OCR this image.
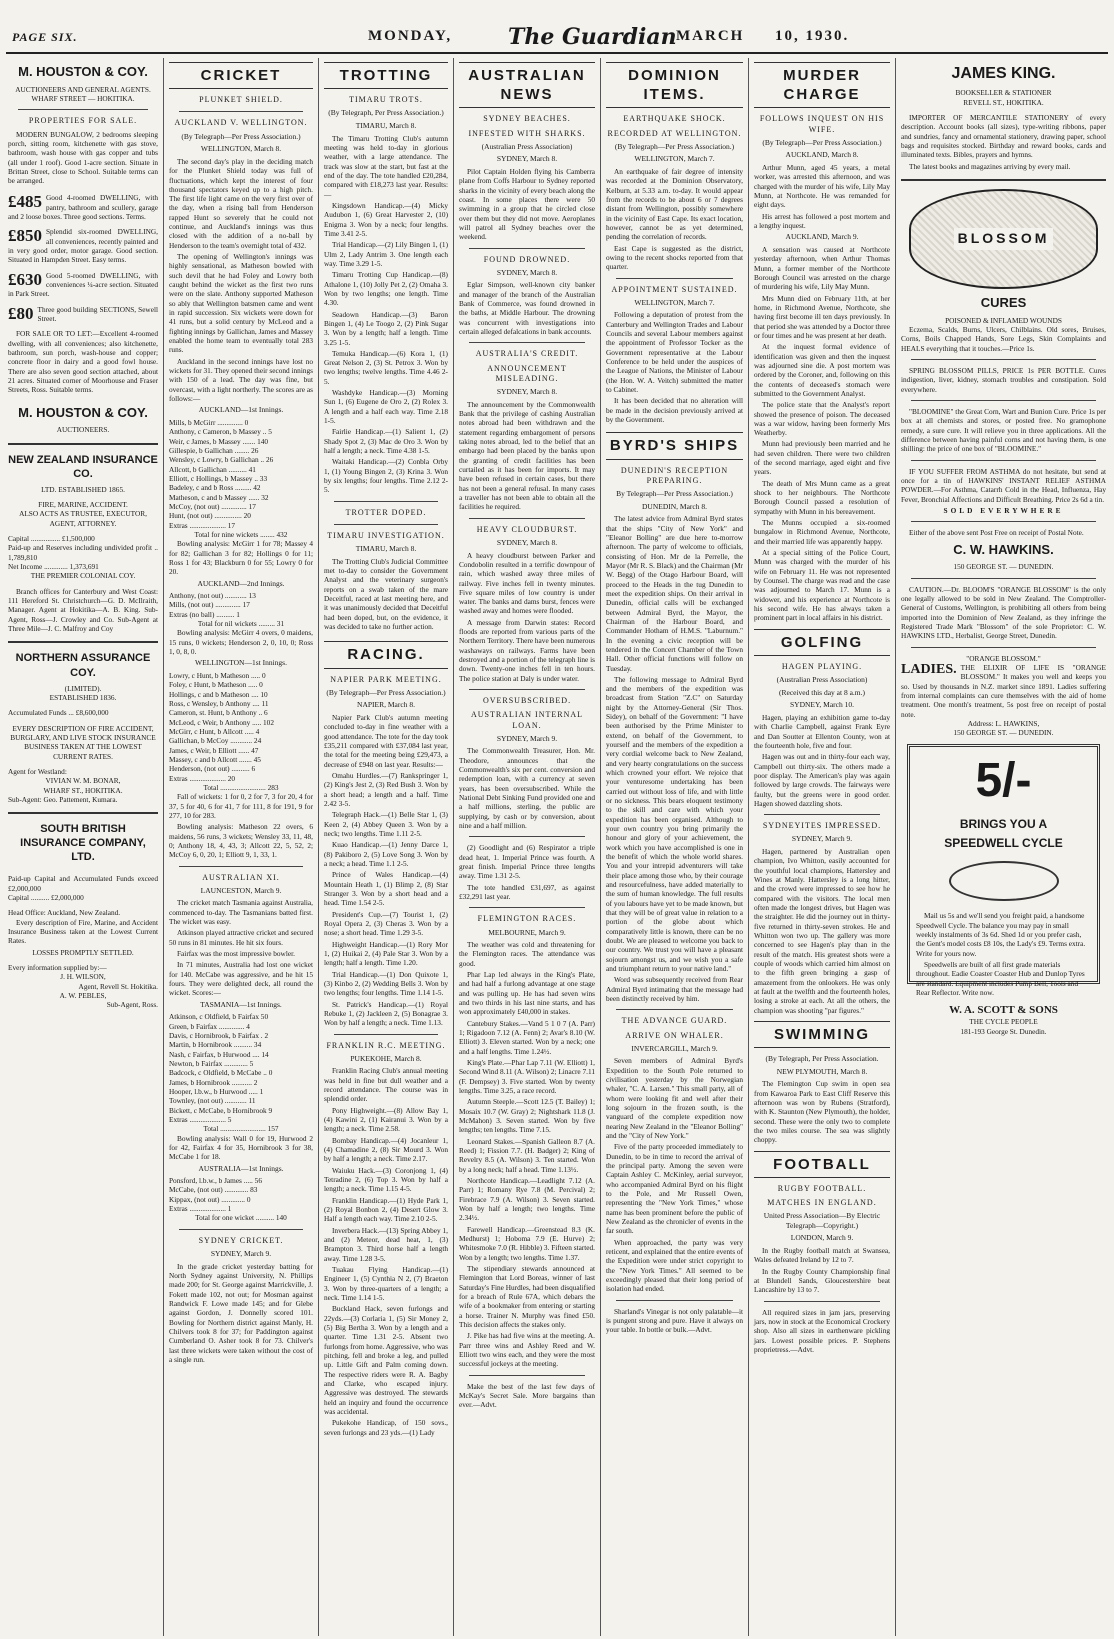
PAGE SIX.	MONDAY,	The Guardian MARCH 10, 1930.
M. HOUSTON & COY.
AUCTIONEERS AND GENERAL AGENTS.
WHARF STREET — HOKITIKA.
PROPERTIES FOR SALE.

MODERN BUNGALOW, 2 bedrooms sleeping porch, sitting room, kitchenette with gas stove, bathroom, wash house with gas copper and tubs (all under 1 roof). Good 1-acre section. Situate in Brittan Street, close to School. Suitable terms can be arranged.

£485 Good 4-roomed DWELLING, with pantry, bathroom and scullery, garage and 2 loose boxes. Three good sections. Terms.
£850 Splendid six-roomed DWELLING, all conveniences, recently painted and in very good order, motor garage. Good section. Situated in Hampden Street. Easy terms.
£630 Good 5-roomed DWELLING, with conveniences ¼-acre section. Situated in Park Street.
£80 Three good building SECTIONS, Sewell Street.

FOR SALE OR TO LET:—Excellent 4-roomed dwelling, with all conveniences; also kitchenette, bathroom, sun porch, wash-house and copper; concrete floor in dairy and a good fowl house. There are also seven good section attached, about 21 acres. Situated corner of Moorhouse and Fraser Streets, Ross. Suitable terms.

M. HOUSTON & COY.
AUCTIONEERS.
NEW ZEALAND INSURANCE CO.
LTD. ESTABLISHED 1865.
FIRE, MARINE, ACCIDENT.
ALSO ACTS AS TRUSTEE, EXECUTOR, AGENT, ATTORNEY.
Capital ................ £1,500,000
Paid-up and Reserves including undivided profit .. 1,789,810
Net Income ............. 1,373,691
THE PREMIER COLONIAL COY.

Branch offices for Canterbury and West Coast: 111 Hereford St. Christchurch—G. D. McIlraith, Manager. Agent at Hokitika—A. B. King. Sub-Agent, Ross—J. Crowley and Co. Sub-Agent at Three Mile—J. C. Malfroy and Coy

NORTHERN ASSURANCE COY.
(LIMITED).
ESTABLISHED 1836.
Accumulated Funds ... £8,600,000
EVERY DESCRIPTION OF FIRE ACCIDENT, BURGLARY, AND LIVE STOCK INSURANCE BUSINESS TAKEN AT THE LOWEST CURRENT RATES.
Agent for Westland:
VIVIAN W. M. BONAR,
WHARF ST., HOKITIKA.
Sub-Agent: Geo. Pattement, Kumara.
SOUTH BRITISH INSURANCE COMPANY, LTD.
Paid-up Capital and Accumulated Funds exceed £2,000,000
Capital .......... £2,000,000
Head Office: Auckland, New Zealand.

Every description of Fire, Marine, and Accident Insurance Business taken at the Lowest Current Rates.

LOSSES PROMPTLY SETTLED.
Every information supplied by:—
J. H. WILSON,
Agent, Revell St. Hokitika.
A. W. PEBLES,
Sub-Agent, Ross.
CRICKET
PLUNKET SHIELD.
AUCKLAND V. WELLINGTON.
(By Telegraph—Per Press Association.)
WELLINGTON, March 8.

The second day's play in the deciding match for the Plunket Shield today was full of fluctuations, which kept the interest of four thousand spectators keyed up to a high pitch. The first life light came on the very first over of the day, when a rising ball from Henderson rapped Hunt so severely that he could not continue, and Auckland's innings was thus closed with the addition of a no-ball by Henderson to the team's overnight total of 432.

The opening of Wellington's innings was highly sensational, as Matheson bowled with such devil that he had Foley and Lowry both caught behind the wicket as the first two runs were on the slate. Anthony supported Matheson so ably that Wellington batsmen came and went in rapid succession. Six wickets were down for 41 runs, but a solid century by McLeod and a fighting innings by Gallichan, James and Massey enabled the home team to eventually total 283 runs.

Auckland in the second innings have lost no wickets for 31. They opened their second innings with 150 of a lead. The day was fine, but overcast, with a light northerly. The scores are as follows:—

AUCKLAND—1st Innings.
Mills, b McGirr .............. 0
Anthony, c Cameron, b Massey .. 5
Weir, c James, b Massey ....... 140
Gillespie, b Gallichan ........ 26
Wensley, c Lowry, b Gallichan .. 26
Allcott, b Gallichan .......... 41
Elliott, c Hollings, b Massey .. 33
Badeley, c and b Ross ......... 42
Matheson, c and b Massey ...... 32
McCoy, (not out) .............. 17
Hunt, (not out) ............... 20
Extras .................... 17
Total for nine wickets ........ 432

Bowling analysis: McGirr 1 for 78; Massey 4 for 82; Gallichan 3 for 82; Hollings 0 for 11; Ross 1 for 43; Blackburn 0 for 55; Lowry 0 for 20.

AUCKLAND—2nd Innings.
Anthony, (not out) ............ 13
Mills, (not out) .............. 17
Extras (no ball) .......... 1
Total for nil wickets ......... 31

Bowling analysis: McGirr 4 overs, 0 maidens, 15 runs, 0 wickets; Henderson 2, 0, 10, 0; Ross 1, 0, 8, 0.

WELLINGTON—1st Innings.
Lowry, c Hunt, b Matheson ..... 0
Foley, c Hunt, b Matheson ..... 0
Hollings, c and b Matheson .... 10
Ross, c Wensley, b Anthony .... 11
Cameron, st. Hunt, b Anthony .. 6
McLeod, c Weir, b Anthony ..... 102
McGirr, c Hunt, b Allcott ..... 4
Gallichan, b McCoy ............ 24
James, c Weir, b Elliott ...... 47
Massey, c and b Allcott ....... 45
Henderson, (not out) .......... 6
Extras .................... 20
Total ......................... 283

Fall of wickets: 1 for 0, 2 for 7, 3 for 20, 4 for 37, 5 for 40, 6 for 41, 7 for 111, 8 for 191, 9 for 277, 10 for 283.

Bowling analysis: Matheson 22 overs, 6 maidens, 56 runs, 3 wickets; Wensley 33, 11, 48, 0; Anthony 18, 4, 43, 3; Allcott 22, 5, 52, 2; McCoy 6, 0, 20, 1; Elliott 9, 1, 33, 1.

AUSTRALIAN XI.
LAUNCESTON, March 9.

The cricket match Tasmania against Australia, commenced to-day. The Tasmanians batted first. The wicket was easy.

Atkinson played attractive cricket and secured 50 runs in 81 minutes. He hit six fours.

Fairfax was the most impressive bowler.

In 71 minutes, Australia had lost one wicket for 140. McCabe was aggressive, and he hit 15 fours. They were delighted deck, all round the wicket. Scores:—

TASMANIA—1st Innings.
Atkinson, c Oldfield, b Fairfax 50
Green, b Fairfax .............. 4
Davis, c Hornibrook, b Fairfax . 2
Martin, b Hornibrook .......... 34
Nash, c Fairfax, b Hurwood .... 14
Newton, b Fairfax ............. 5
Badcock, c Oldfield, b McCabe .. 0
James, b Hornibrook ........... 2
Hooper, l.b.w., b Hurwood ..... 1
Townley, (not out) ............ 11
Bickett, c McCabe, b Hornibrook 9
Extras .................... 5
Total ......................... 157

Bowling analysis: Wall 0 for 19, Hurwood 2 for 42, Fairfax 4 for 35, Hornibrook 3 for 38, McCabe 1 for 18.

AUSTRALIA—1st Innings.
Ponsford, l.b.w., b James ..... 56
McCabe, (not out) ............. 83
Kippax, (not out) ............. 0
Extras .................... 1
Total for one wicket .......... 140
SYDNEY CRICKET.
SYDNEY, March 9.

In the grade cricket yesterday batting for North Sydney against University, N. Phillips made 200; for St. George against Marrickville, J. Fokett made 102, not out; for Mosman against Randwick F. Lowe made 145; and for Glebe against Gordon, J. Donnelly scored 101. Bowling for Northern district against Manly, H. Chilvers took 8 for 37; for Paddington against Cumberland O. Asher took 8 for 73. Chilver's last three wickets were taken without the cost of a single run.

TROTTING
TIMARU TROTS.
(By Telegraph, Per Press Association.)
TIMARU, March 8.

The Timaru Trotting Club's autumn meeting was held to-day in glorious weather, with a large attendance. The track was slow at the start, but fast at the end of the day. The tote handled £20,284, compared with £18,273 last year. Results:—

Kingsdown Handicap.—(4) Micky Audubon 1, (6) Great Harvester 2, (10) Enigma 3. Won by a neck; four lengths. Time 3.41 2-5.

Trial Handicap.—(2) Lily Bingen 1, (1) Ulm 2, Lady Antrim 3. One length each way. Time 3.29 1-5.

Timaru Trotting Cup Handicap.—(8) Athalone 1, (10) Jolly Pet 2, (2) Omaha 3. Won by two lengths; one length. Time 4.30.

Seadown Handicap.—(3) Baron Bingen 1, (4) Le Toogo 2, (2) Pink Sugar 3. Won by a length; half a length. Time 3.25 1-5.

Temuka Handicap.—(6) Kora 1, (1) Great Nelson 2, (3) St. Petrox 3. Won by two lengths; twelve lengths. Time 4.46 2-5.

Washdyke Handicap.—(3) Morning Sun 1, (6) Eugene de Oro 2, (2) Rolex 3. A length and a half each way. Time 2.18 1-5.

Fairlie Handicap.—(1) Salient 1, (2) Shady Spot 2, (3) Mac de Oro 3. Won by half a length; a neck. Time 4.38 1-5.

Waitaki Handicap.—(2) Conbla Orby 1, (1) Young Bingen 2, (3) Krina 3. Won by six lengths; four lengths. Time 2.12 2-5.

TROTTER DOPED.
TIMARU INVESTIGATION.
TIMARU, March 8.

The Trotting Club's Judicial Committee met to-day to consider the Government Analyst and the veterinary surgeon's reports on a swab taken of the mare Deceitful, raced at last meeting here, and it was unanimously decided that Deceitful had been doped, but, on the evidence, it was decided to take no further action.

RACING.
NAPIER PARK MEETING.
(By Telegraph—Per Press Association.)
NAPIER, March 8.

Napier Park Club's autumn meeting concluded to-day in fine weather with a good attendance. The tote for the day took £35,211 compared with £37,084 last year, the total for the meeting being £29,473, a decrease of £948 on last year. Results:—

Omahu Hurdles.—(7) Rankspringer 1, (2) King's Jest 2, (3) Red Bush 3. Won by a short head; a length and a half. Time 2.42 3-5.

Telegraph Hack.—(1) Belle Star 1, (3) Keen 2, (4) Abbey Queen 3. Won by a neck; two lengths. Time 1.11 2-5.

Kuao Handicap.—(1) Jenny Darce 1, (8) Pakiboro 2, (5) Love Song 3. Won by a neck; a head. Time 1.1 2-5.

Prince of Wales Handicap.—(4) Mountain Heath 1, (1) Blimp 2, (8) Star Stranger 3. Won by a short head and a head. Time 1.54 2-5.

President's Cup.—(7) Tourist 1, (2) Royal Opera 2, (3) Cheras 3. Won by a nose; a short head. Time 1.29 3-5.

Highweight Handicap.—(1) Rory Mor 1, (2) Huikai 2, (4) Pale Star 3. Won by a length; half a length. Time 1.20.

Trial Handicap.—(1) Don Quixote 1, (3) Kinbo 2, (2) Wedding Bells 3. Won by two lengths; four lengths. Time 1.14 1-5.

St. Patrick's Handicap.—(1) Royal Rebuke 1, (2) Jackleen 2, (5) Bonagrae 3. Won by half a length; a neck. Time 1.13.

FRANKLIN R.C. MEETING.
PUKEKOHE, March 8.

Franklin Racing Club's annual meeting was held in fine but dull weather and a record attendance. The course was in splendid order.

Pony Highweight.—(8) Allow Bay 1, (4) Kawini 2, (1) Kairanui 3. Won by a length; a neck. Time 2.58.

Bombay Handicap.—(4) Jocanleur 1, (4) Chamadine 2, (8) Sir Mourd 3. Won by half a length; a neck. Time 2.17.

Waiuku Hack.—(3) Coronjong 1, (4) Tetradine 2, (6) Top 3. Won by half a length; a neck. Time 1.15 4-5.

Franklin Handicap.—(1) Hyde Park 1, (2) Royal Bonbon 2, (4) Desert Glow 3. Half a length each way. Time 2.10 2-5.

Inverbera Hack.—(13) Spring Abbey 1, and (2) Meteor, dead heat, 1, (3) Brampton 3. Third horse half a length away. Time 1.28 3-5.

Tuakau Flying Handicap.—(1) Engineer 1, (5) Cynthia N 2, (7) Braeton 3. Won by three-quarters of a length; a neck. Time 1.14 1-5.

Buckland Hack, seven furlongs and 22yds.—(3) Corlaria 1, (5) Sir Money 2, (5) Big Bertha 3. Won by a length and a quarter. Time 1.31 2-5. Absent two furlongs from home. Aggressive, who was pitching, fell and broke a leg, and pulled up. Little Gift and Palm coming down. The respective riders were R. A. Bagby and Clarke, who escaped injury. Aggressive was destroyed. The stewards held an inquiry and found the occurrence was accidental.

Pukekohe Handicap, of 150 sovs., seven furlongs and 23 yds.—(1) Lady

AUSTRALIAN NEWS
SYDNEY BEACHES.
INFESTED WITH SHARKS.
(Australian Press Association)
SYDNEY, March 8.

Pilot Captain Holden flying his Camberra plane from Coffs Harbour to Sydney reported sharks in the vicinity of every beach along the coast. In some places there were 50 swimming in a group that he circled close over them but they did not move. Aeroplanes will patrol all Sydney beaches over the weekend.

FOUND DROWNED.
SYDNEY, March 8.

Eglar Simpson, well-known city banker and manager of the branch of the Australian Bank of Commerce, was found drowned in the baths, at Middle Harbour. The drowning was concurrent with investigations into certain alleged defalcations in bank accounts.

AUSTRALIA'S CREDIT.
ANNOUNCEMENT MISLEADING.
SYDNEY, March 8.

The announcement by the Commonwealth Bank that the privilege of cashing Australian notes abroad had been withdrawn and the statement regarding embargoment of persons taking notes abroad, led to the belief that an embargo had been placed by the banks upon the granting of credit facilities has been curtailed as it has been for imports. It may have been refused in certain cases, but there has not been a general refusal. In many cases a traveller has not been able to obtain all the facilities he required.

HEAVY CLOUDBURST.
SYDNEY, March 8.

A heavy cloudburst between Parker and Condobolin resulted in a terrific downpour of rain, which washed away three miles of railway. Five inches fell in twenty minutes. Five square miles of low country is under water. The banks and dams burst, fences were washed away and homes were flooded.

A message from Darwin states: Record floods are reported from various parts of the Northern Territory. There have been numerous washaways on railways. Farms have been destroyed and a portion of the telegraph line is down. Twenty-one inches fell in ten hours. The police station at Daly is under water.

OVERSUBSCRIBED.
AUSTRALIAN INTERNAL LOAN.
SYDNEY, March 9.

The Commonwealth Treasurer, Hon. Mr. Theodore, announces that the Commonwealth's six per cent. conversion and redemption loan, with a currency at seven years, has been oversubscribed. While the National Debt Sinking Fund provided one and a half millions, sterling, the public are supplying, by cash or by conversion, about nine and a half million.

(2) Goodlight and (6) Respirator a triple dead heat, 1. Imperial Prince was fourth. A great finish. Imperial Prince three lengths away. Time 1.31 2-5.

The tote handled £31,697, as against £32,291 last year.

FLEMINGTON RACES.
MELBOURNE, March 9.

The weather was cold and threatening for the Flemington races. The attendance was good.

Phar Lap led always in the King's Plate, and had half a furlong advantage at one stage and was pulling up. He has had seven wins and two thirds in his last nine starts, and has won approximately £40,000 in stakes.

Cantebury Stakes.—Vand 5 1 0 7 (A. Parr) 1; Rigadoon 7.12 (A. Fenn) 2; Avar's 8.10 (W. Elliott) 3. Eleven started. Won by a neck; one and a half lengths. Time 1.24½.

King's Plate.—Phar Lap 7.11 (W. Elliott) 1, Second Wind 8.11 (A. Wilson) 2; Linacre 7.11 (F. Dempsey) 3. Five started. Won by twenty lengths. Time 3.25, a race record.

Autumn Steeple.—Scott 12.5 (T. Bailey) 1; Mosaix 10.7 (W. Gray) 2; Nightshark 11.8 (J. McMahon) 3. Seven started. Won by five lengths; ten lengths. Time 7.15.

Leonard Stakes.—Spanish Galleon 8.7 (A. Reed) 1; Fission 7.7. (H. Badger) 2; King of Revelry 8.5 (A. Wilson) 3. Ten started. Won by a long neck; half a head. Time 1.13½.

Northcote Handicap.—Leadlight 7.12 (A. Parr) 1; Romany Rye 7.8 (M. Percival) 2; Firebrace 7.9 (A. Wilson) 3. Seven started. Won by half a length; two lengths. Time 2.34½.

Farewell Handicap.—Greenstead 8.3 (K. Medhurst) 1; Hoboma 7.9 (E. Hurve) 2; Whitesmoke 7.0 (R. Hibble) 3. Fifteen started. Won by a length; two lengths. Time 1.37.

The stipendiary stewards announced at Flemington that Lord Boreas, winner of last Saturday's Fine Hurdles, had been disqualified for a breach of Rule 67A, which debars the wife of a bookmaker from entering or starting a horse. Trainer N. Murphy was fined £50. This decision affects the stakes only.

J. Pike has had five wins at the meeting. A. Parr three wins and Ashley Reed and W. Elliott two wins each, and they were the most successful jockeys at the meeting.

Make the best of the last few days of McKay's Secret Sale. More bargains than ever.—Advt.

DOMINION ITEMS.
EARTHQUAKE SHOCK.
RECORDED AT WELLINGTON.
(By Telegraph—Per Press Association.)
WELLINGTON, March 7.

An earthquake of fair degree of intensity was recorded at the Dominion Observatory, Kelburn, at 5.33 a.m. to-day. It would appear from the records to be about 6 or 7 degrees distant from Wellington, possibly somewhere in the vicinity of East Cape. Its exact location, however, cannot be as yet determined, pending the correlation of records.

East Cape is suggested as the district, owing to the recent shocks reported from that quarter.

APPOINTMENT SUSTAINED.
WELLINGTON, March 7.

Following a deputation of protest from the Canterbury and Wellington Trades and Labour Councils and several Labour members against the appointment of Professor Tocker as the Government representative at the Labour Conference to be held under the auspices of the League of Nations, the Minister of Labour (the Hon. W. A. Veitch) submitted the matter to Cabinet.

It has been decided that no alteration will be made in the decision previously arrived at by the Government.

BYRD'S SHIPS
DUNEDIN'S RECEPTION PREPARING.
By Telegraph—Per Press Association.)
DUNEDIN, March 8.

The latest advice from Admiral Byrd states that the ships "City of New York" and "Eleanor Bolling" are due here to-morrow afternoon. The party of welcome to officials, consisting of Hon. Mr de la Perrelle, the Mayor (Mr R. S. Black) and the Chairman (Mr W. Begg) of the Otago Harbour Board, will proceed to the Heads in the tug Dunedin to meet the expedition ships. On their arrival in Dunedin, official calls will be exchanged between Admiral Byrd, the Mayor, the Chairman of the Harbour Board, and Commander Hotham of H.M.S. "Laburnum." In the evening a civic reception will be tendered in the Concert Chamber of the Town Hall. Other official functions will follow on Tuesday.

The following message to Admiral Byrd and the members of the expedition was broadcast from Station "Z.C" on Saturday night by the Attorney-General (Sir Thos. Sidey), on behalf of the Government: "I have been authorised by the Prime Minister to extend, on behalf of the Government, to yourself and the members of the expedition a very cordial welcome back to New Zealand, and very hearty congratulations on the success which crowned your effort. We rejoice that your venturesome undertaking has been carried out without loss of life, and with little or no sickness. This bears eloquent testimony to the skill and care with which your expedition has been organised. Although to your own country you bring primarily the honour and glory of your achievement, the work which you have accomplished is one in the benefit of which the whole world shares. You and your intrepid adventurers will take their place among those who, by their courage and resourcefulness, have added materially to the sum of human knowledge. The full results of you labours have yet to be made known, but that they will be of great value in relation to a portion of the globe about which comparatively little is known, there can be no doubt. We are pleased to welcome you back to our country. We trust you will have a pleasant sojourn amongst us, and we wish you a safe and triumphant return to your native land."

Word was subsequently received from Rear Admiral Byrd intimating that the message had been distinctly received by him.

THE ADVANCE GUARD.
ARRIVE ON WHALER.
INVERCARGILL, March 9.

Seven members of Admiral Byrd's Expedition to the South Pole returned to civilisation yesterday by the Norwegian whaler, "C. A. Larsen." This small party, all of whom were looking fit and well after their long sojourn in the frozen south, is the vanguard of the complete expedition now nearing New Zealand in the "Eleanor Bolling" and the "City of New York."

Five of the party proceeded immediately to Dunedin, to be in time to record the arrival of the principal party. Among the seven were Captain Ashley C. McKinley, aerial surveyor, who accompanied Admiral Byrd on his flight to the Pole, and Mr Russell Owen, representing the "New York Times," whose name has been prominent before the public of New Zealand as the chronicler of events in the far south.

When approached, the party was very reticent, and explained that the entire events of the Expedition were under strict copyright to the "New York Times." All seemed to be exceedingly pleased that their long period of isolation had ended.

Sharland's Vinegar is not only palatable—it is pungent strong and pure. Have it always on your table. In bottle or bulk.—Advt.

MURDER CHARGE
FOLLOWS INQUEST ON HIS WIFE.
(By Telegraph—Per Press Association.)
AUCKLAND, March 8.

Arthur Munn, aged 45 years, a metal worker, was arrested this afternoon, and was charged with the murder of his wife, Lily May Munn, at Northcote. He was remanded for eight days.

His arrest has followed a post mortem and a lengthy inquest.

AUCKLAND, March 9.

A sensation was caused at Northcote yesterday afternoon, when Arthur Thomas Munn, a former member of the Northcote Borough Council was arrested on the charge of murdering his wife, Lily May Munn.

Mrs Munn died on February 11th, at her home, in Richmond Avenue, Northcote, she having first become ill ten days previously. In that period she was attended by a Doctor three or four times and he was present at her death.

At the inquest formal evidence of identification was given and then the inquest was adjourned sine die. A post mortem was ordered by the Coroner, and, following on this the contents of deceased's stomach were submitted to the Government Analyst.

The police state that the Analyst's report showed the presence of poison. The deceased was a war widow, having been formerly Mrs Weatherby.

Munn had previously been married and he had seven children. There were two children of the second marriage, aged eight and five years.

The death of Mrs Munn came as a great shock to her neighbours. The Northcote Borough Council passed a resolution of sympathy with Munn in his bereavement.

The Munns occupied a six-roomed bungalow in Richmond Avenue, Northcote, and their married life was apparently happy.

At a special sitting of the Police Court, Munn was charged with the murder of his wife on February 11. He was not represented by Counsel. The charge was read and the case was adjourned to March 17. Munn is a widower, and his experience at Northcote is his second wife. He has always taken a prominent part in local affairs in his district.

GOLFING
HAGEN PLAYING.
(Australian Press Association)
(Received this day at 8 a.m.)
SYDNEY, March 10.

Hagen, playing an exhibition game to-day with Charlie Campbell, against Frank Eyre and Dan Soutter at Ellenton County, won at the fourteenth hole, five and four.

Hagen was out and in thirty-four each way, Campbell out thirty-six. The others made a poor display. The American's play was again followed by large crowds. The fairways were faulty, but the greens were in good order. Hagen showed dazzling shots.

SYDNEYITES IMPRESSED.
SYDNEY, March 9.

Hagen, partnered by Australian open champion, Ivo Whitton, easily accounted for the youthful local champions, Hattersley and Wines at Manly. Hattersley is a long hitter, and the crowd were impressed to see how he compared with the visitors. The local men often made the longest drives, but Hagen was the straighter. He did the journey out in thirty-five returned in thirty-seven strokes. He and Whitton won two up. The gallery was more concerned to see Hagen's play than in the result of the match. His greatest shots were a couple of woods which carried him almost on to the fifth green bringing a gasp of amazement from the onlookers. He was only at fault at the twelfth and the fourteenth holes, losing a stroke at each. At all the others, the champion was shooting "par figures."

SWIMMING
(By Telegraph, Per Press Association.
NEW PLYMOUTH, March 8.

The Flemington Cup swim in open sea from Kawaroa Park to East Cliff Reserve this afternoon was won by Rubens (Stratford), with K. Staunton (New Plymouth), the holder, second. These were the only two to complete the two miles course. The sea was slightly choppy.

FOOTBALL
RUGBY FOOTBALL.
MATCHES IN ENGLAND.
United Press Association—By Electric Telegraph—Copyright.)
LONDON, March 9.

In the Rugby football match at Swansea, Wales defeated Ireland by 12 to 7.

In the Rugby County Championship final at Blundell Sands, Gloucestershire beat Lancashire by 13 to 7.

All required sizes in jam jars, preserving jars, now in stock at the Economical Crockery shop. Also all sizes in earthenware pickling jars. Lowest possible prices. P. Stephens proprietress.—Advt.

JAMES KING.
BOOKSELLER & STATIONER
REVELL ST., HOKITIKA.

IMPORTER OF MERCANTILE STATIONERY of every description. Account books (all sizes), type-writing ribbons, paper and sundries, fancy and ornamental stationery, drawing paper, school bags and requisites stocked. Birthday and reward books, cards and illuminated texts. Bibles, prayers and hymns.

The latest books and magazines arriving by every mail.

BLOSSOM
CURES
POISONED & INFLAMED WOUNDS

Eczema, Scalds, Burns, Ulcers, Chilblains. Old sores, Bruises, Corns, Boils Chapped Hands, Sore Legs, Skin Complaints and HEALS everything that it touches.—Price 1s.

SPRING BLOSSOM PILLS, PRICE 1s PER BOTTLE. Cures indigestion, liver, kidney, stomach troubles and constipation. Sold everywhere.

"BLOOMINE" the Great Corn, Wart and Bunion Cure. Price 1s per box at all chemists and stores, or posted free. No gramophone remedy, a sure cure. It will relieve you in three applications. All the difference between having painful corns and not having them, is one shilling: the price of one box of "BLOOMINE."

IF YOU SUFFER FROM ASTHMA do not hesitate, but send at once for a tin of HAWKINS' INSTANT RELIEF ASTHMA POWDER.—For Asthma, Catarrh Cold in the Head, Influenza, Hay Fever, Bronchial Affections and Difficult Breathing. Price 2s 6d a tin.

SOLD EVERYWHERE

Either of the above sent Post Free on receipt of Postal Note.

C. W. HAWKINS.
150 GEORGE ST. — DUNEDIN.

CAUTION.—Dr. BLOOM'S "ORANGE BLOSSOM" is the only one legally allowed to be sold in New Zealand. The Comptroller-General of Customs, Wellington, is prohibiting all others from being imported into the Dominion of New Zealand, as they infringe the Registered Trade Mark "Blossom" of the sole Proprietor: C. W. HAWKINS LTD., Herbalist, George Street, Dunedin.

"ORANGE BLOSSOM."
LADIES. THE ELIXIR OF LIFE IS "ORANGE BLOSSOM." It makes you well and keeps you so. Used by thousands in N.Z. market since 1891. Ladies suffering from internal complaints can cure themselves with the aid of home treatment. One month's treatment, 5s post free on receipt of postal note.
Address: L. HAWKINS,
150 GEORGE ST. — DUNEDIN.
5/-
BRINGS YOU A
SPEEDWELL CYCLE

Mail us 5s and we'll send you freight paid, a handsome Speedwell Cycle. The balance you may pay in small weekly instalments of 3s 6d. Shed 1d or you prefer cash, the Gent's model costs £8 10s, the Lady's £9. Terms extra. Write for yours now.

Speedwells are built of all first grade materials throughout. Eadie Coaster Coaster Hub and Dunlop Tyres are standard. Equipment includes Pump Bell, Tools and Rear Reflector. Write now.

W. A. SCOTT & SONS
THE CYCLE PEOPLE
181-193 George St. Dunedin.
